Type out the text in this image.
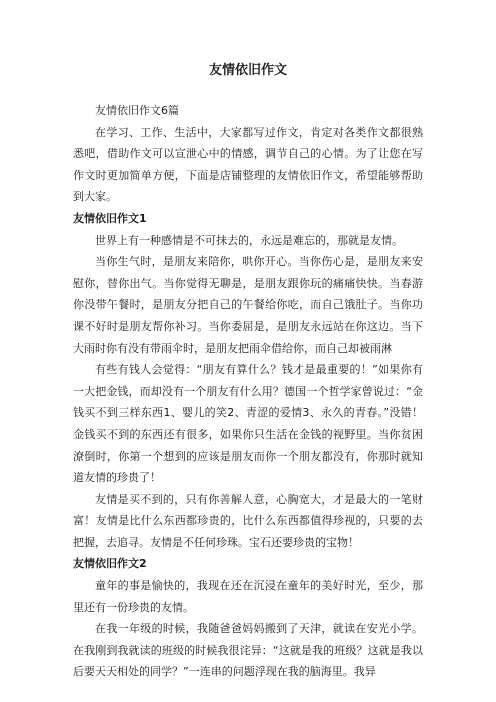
友情依旧作文

友情依旧作文6篇

在学习、工作、生活中，大家都写过作文，肯定对各类作文都很熟悉吧，借助作文可以宣泄心中的情感，调节自己的心情。为了让您在写作文时更加简单方便，下面是店铺整理的友情依旧作文，希望能够帮助到大家。

友情依旧作文1

世界上有一种感情是不可抹去的，永远是难忘的，那就是友情。

当你生气时，是朋友来陪你，哄你开心。当你伤心是，是朋友来安慰你，替你出气。当你觉得无聊是，是朋友跟你玩的痛痛快快。当春游你没带午餐时，是朋友分把自己的午餐给你吃，而自己饿肚子。当你功课不好时是朋友帮你补习。当你委屈是，是朋友永远站在你这边。当下大雨时你有没有带雨伞时，是朋友把雨伞借给你，而自己却被雨淋

有些有钱人会觉得：“朋友有算什么？钱才是最重要的！”如果你有一大把金钱，而却没有一个朋友有什么用？德国一个哲学家曾说过：“金钱买不到三样东西1、婴儿的笑2、青涩的爱情3、永久的青春。”没错！金钱买不到的东西还有很多，如果你只生活在金钱的视野里。当你贫困潦倒时，你第一个想到的应该是朋友而你一个朋友都没有，你那时就知道友情的珍贵了！

友情是买不到的，只有你善解人意，心胸宽大，才是最大的一笔财富！友情是比什么东西都珍贵的，比什么东西都值得珍视的，只要的去把握，去追寻。友情是不任何珍珠。宝石还要珍贵的宝物！

友情依旧作文2

童年的事是愉快的，我现在还在沉浸在童年的美好时光，至少，那里还有一份珍贵的友情。

在我一年级的时候，我随爸爸妈妈搬到了天津，就读在安光小学。在我刚到我就读的班级的时候我很诧异：“这就是我的班级？这就是我以后要天天相处的同学？”一连串的问题浮现在我的脑海里。我异
